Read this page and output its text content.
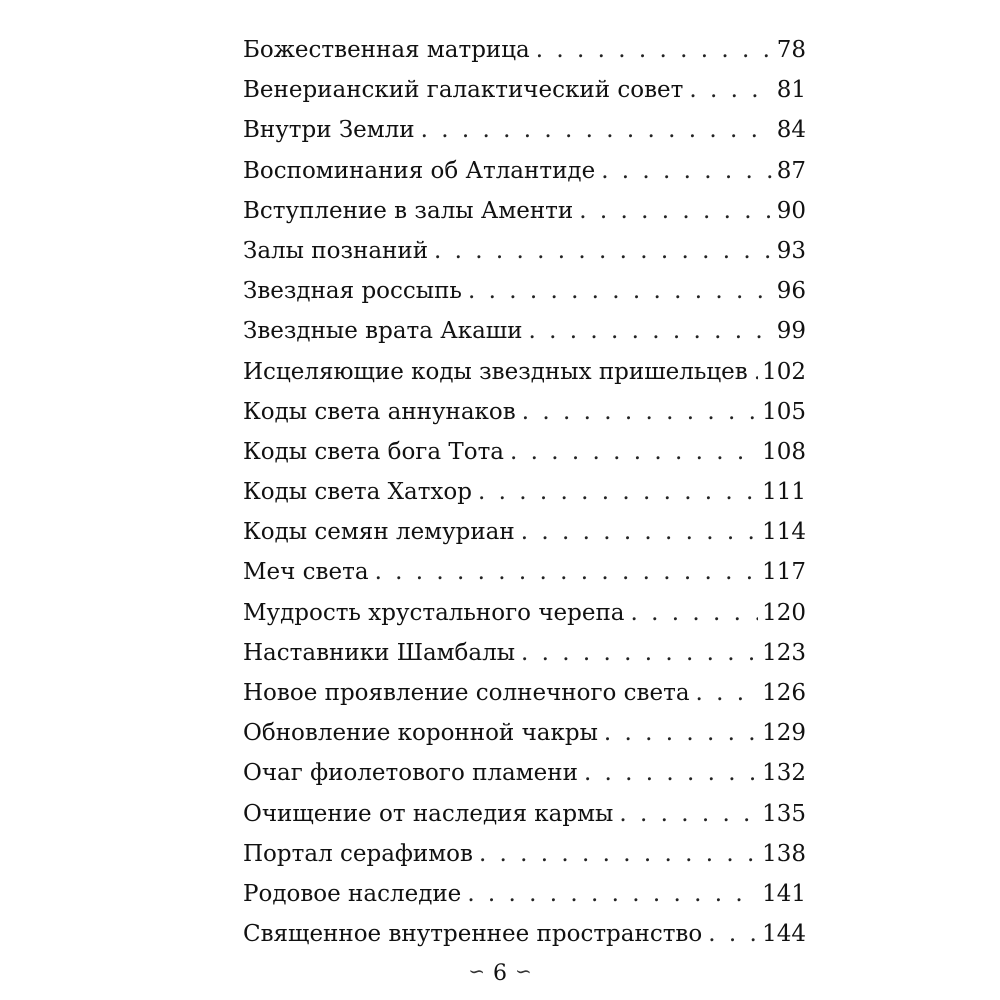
Божественная матрица . . .	78
Венерианский галактический совет . . .	81
Внутри Земли . . .	84
Воспоминания об Атлантиде . . .	87
Вступление в залы Аменти . . .	90
Залы познаний . . .	93
Звездная россыпь . . .	96
Звездные врата Акаши . . .	99
Исцеляющие коды звездных пришельцев . . . 102
Коды света аннунаков . . .	105
Коды света бога Тота . . .	108
Коды света Хатхор . . .	111
Коды семян лемуриан . . .	114
Меч света . . .	117
Мудрость хрустального черепа . . .	120
Наставники Шамбалы . . .	123
Новое проявление солнечного света . . .	126
Обновление коронной чакры . . .	129
Очаг фиолетового пламени . . .	132
Очищение от наследия кармы . . .	135
Портал серафимов . . .	138
Родовое наследие . . .	141
Священное внутреннее пространство . . .	144
∽ 6 ∽
